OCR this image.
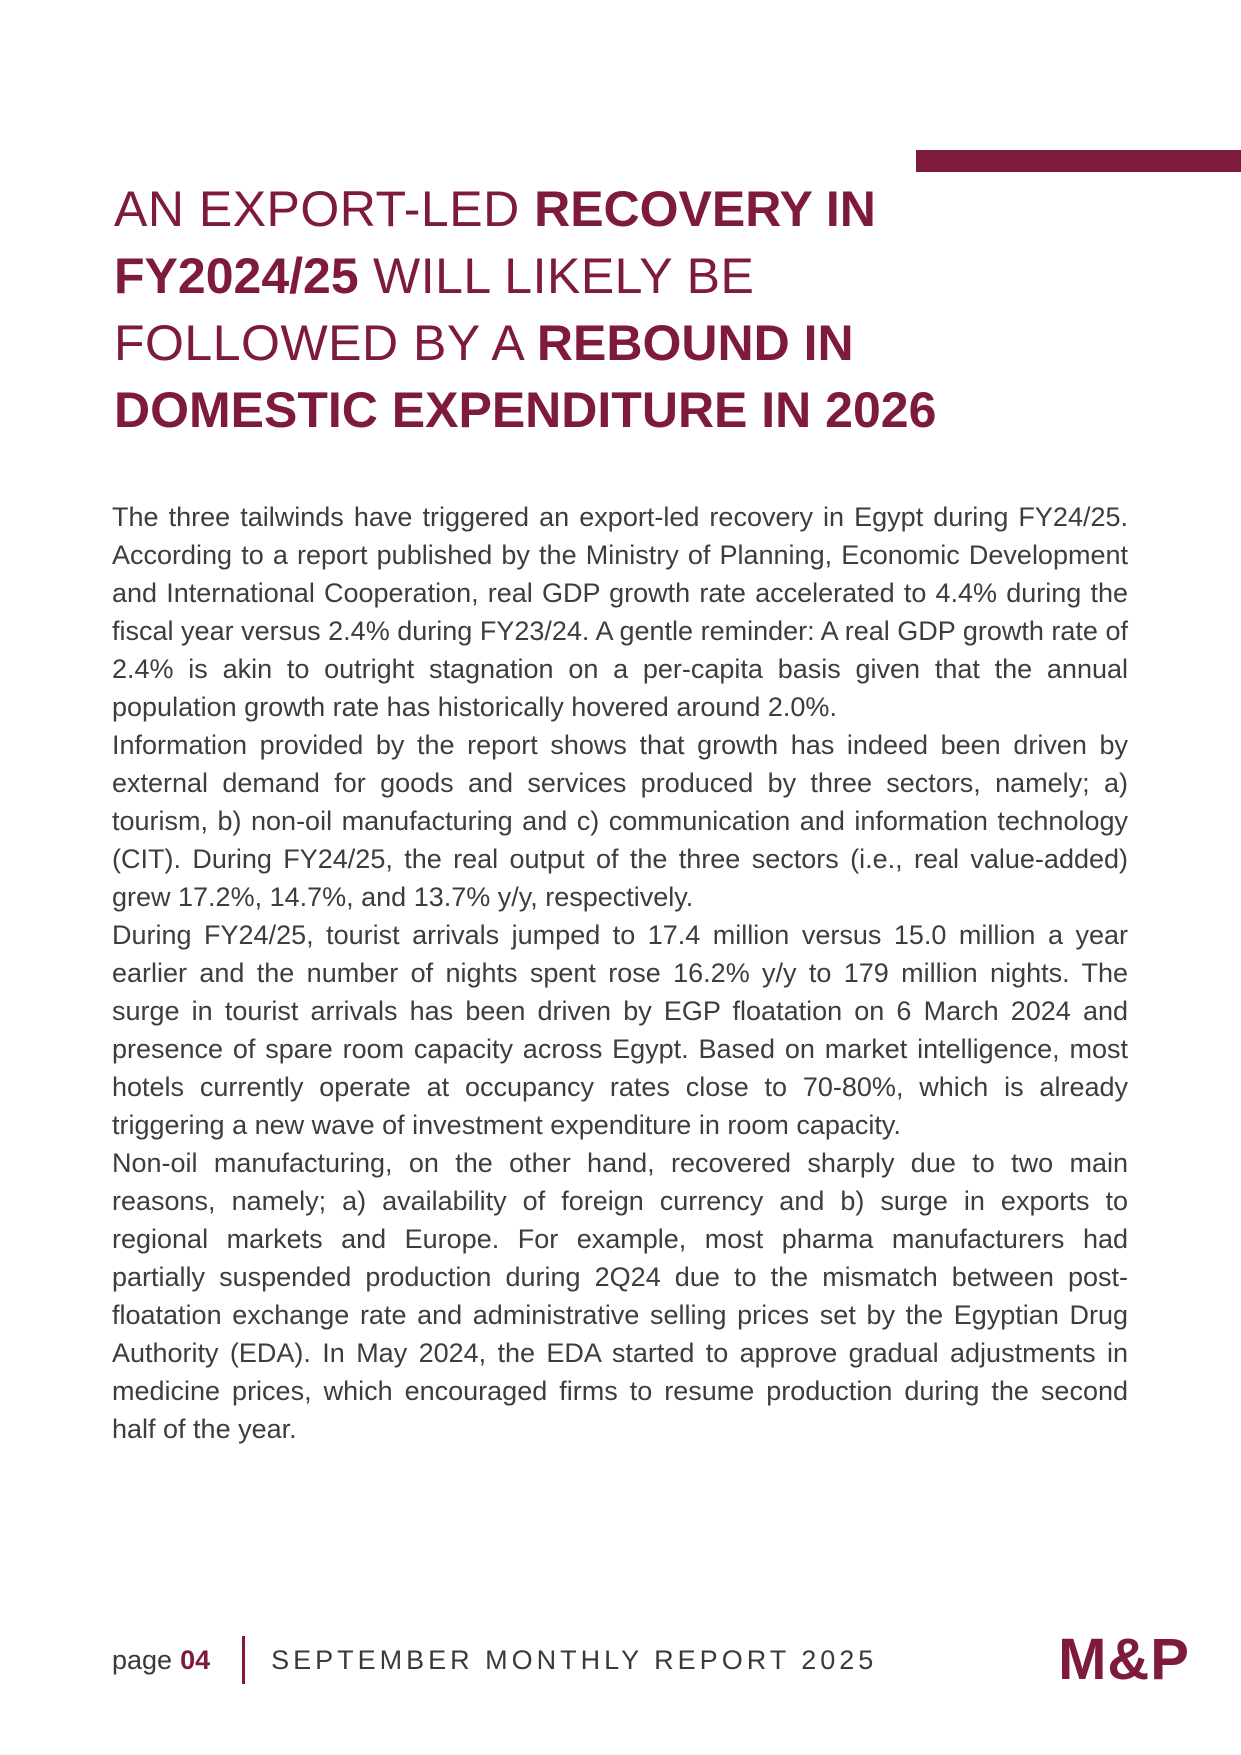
AN EXPORT-LED RECOVERY IN
FY2024/25 WILL LIKELY BE
FOLLOWED BY A REBOUND IN
DOMESTIC EXPENDITURE IN 2026

The three tailwinds have triggered an export-led recovery in Egypt during FY24/25. According to a report published by the Ministry of Planning, Economic Development and International Cooperation, real GDP growth rate accelerated to 4.4% during the fiscal year versus 2.4% during FY23/24. A gentle reminder: A real GDP growth rate of 2.4% is akin to outright stagnation on a per-capita basis given that the annual population growth rate has historically hovered around 2.0%.

Information provided by the report shows that growth has indeed been driven by external demand for goods and services produced by three sectors, namely; a) tourism, b) non-oil manufacturing and c) communication and information technology (CIT). During FY24/25, the real output of the three sectors (i.e., real value-added) grew 17.2%, 14.7%, and 13.7% y/y, respectively.

During FY24/25, tourist arrivals jumped to 17.4 million versus 15.0 million a year earlier and the number of nights spent rose 16.2% y/y to 179 million nights. The surge in tourist arrivals has been driven by EGP floatation on 6 March 2024 and presence of spare room capacity across Egypt. Based on market intelligence, most hotels currently operate at occupancy rates close to 70-80%, which is already triggering a new wave of investment expenditure in room capacity.

Non-oil manufacturing, on the other hand, recovered sharply due to two main reasons, namely; a) availability of foreign currency and b) surge in exports to regional markets and Europe. For example, most pharma manufacturers had partially suspended production during 2Q24 due to the mismatch between post-floatation exchange rate and administrative selling prices set by the Egyptian Drug Authority (EDA). In May 2024, the EDA started to approve gradual adjustments in medicine prices, which encouraged firms to resume production during the second half of the year.

page 04 SEPTEMBER MONTHLY REPORT 2025	M&P
